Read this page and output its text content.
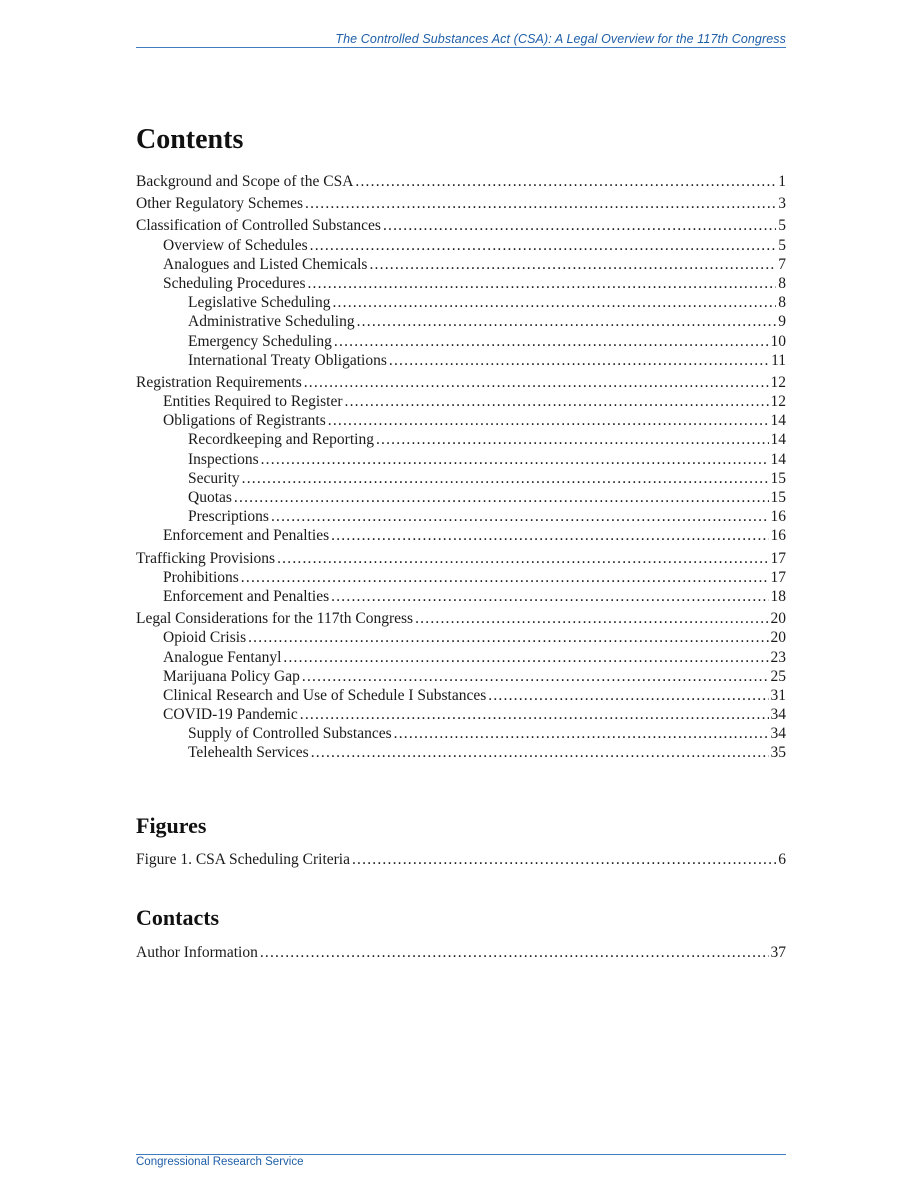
The Controlled Substances Act (CSA): A Legal Overview for the 117th Congress
Contents
Background and Scope of the CSA .....	1
Other Regulatory Schemes .....	3
Classification of Controlled Substances .....	5
Overview of Schedules .....	5
Analogues and Listed Chemicals .....	7
Scheduling Procedures .....	8
Legislative Scheduling .....	8
Administrative Scheduling .....	9
Emergency Scheduling .....	10
International Treaty Obligations .....	11
Registration Requirements .....	12
Entities Required to Register .....	12
Obligations of Registrants .....	14
Recordkeeping and Reporting .....	14
Inspections .....	14
Security .....	15
Quotas .....	15
Prescriptions .....	16
Enforcement and Penalties .....	16
Trafficking Provisions .....	17
Prohibitions .....	17
Enforcement and Penalties .....	18
Legal Considerations for the 117th Congress .....	20
Opioid Crisis .....	20
Analogue Fentanyl .....	23
Marijuana Policy Gap .....	25
Clinical Research and Use of Schedule I Substances .....	31
COVID-19 Pandemic .....	34
Supply of Controlled Substances .....	34
Telehealth Services .....	35
Figures
Figure 1. CSA Scheduling Criteria .....	6
Contacts
Author Information .....	37
Congressional Research Service
